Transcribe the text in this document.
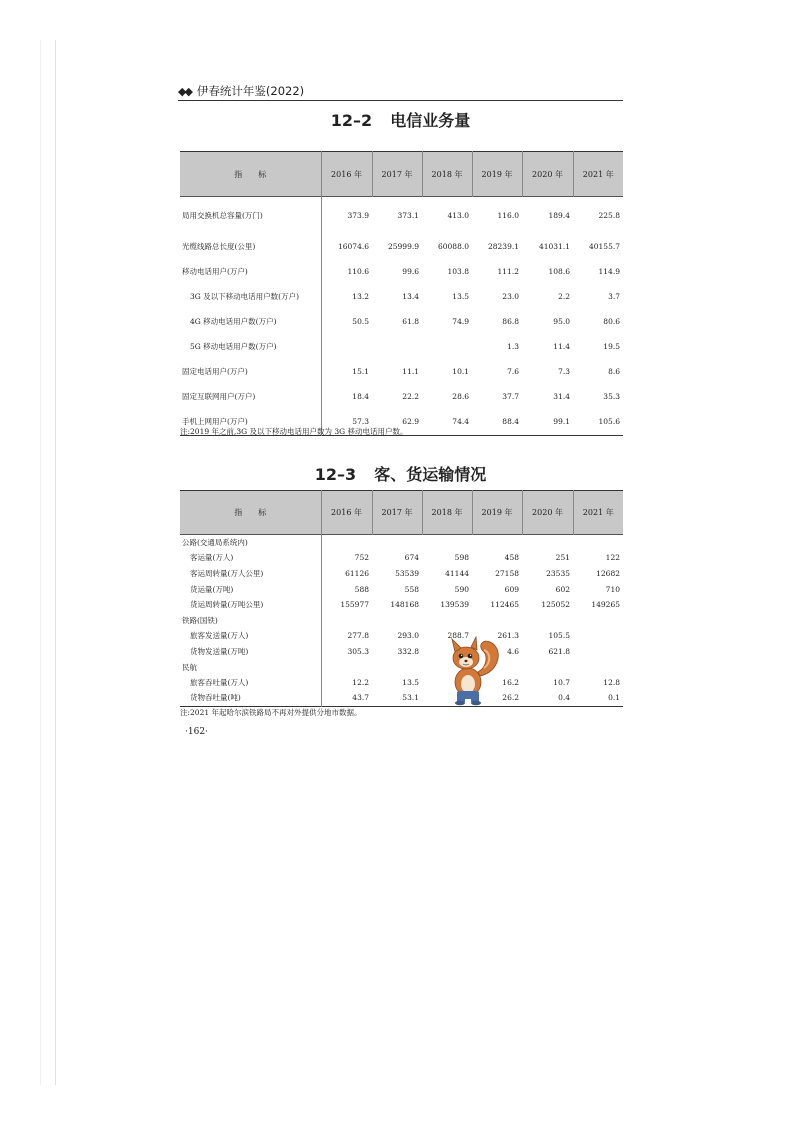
◆◆ 伊春统计年鉴(2022)
12–2 电信业务量
指　　标	2016 年	2017 年	2018 年	2019 年	2020 年	2021 年
局用交换机总容量(万门)	373.9	373.1	413.0	116.0	189.4	225.8
光缆线路总长度(公里)	16074.6	25999.9	60088.0	28239.1	41031.1	40155.7
移动电话用户(万户)	110.6	99.6	103.8	111.2	108.6	114.9
3G 及以下移动电话用户数(万户)	13.2	13.4	13.5	23.0	2.2	3.7
4G 移动电话用户数(万户)	50.5	61.8	74.9	86.8	95.0	80.6
5G 移动电话用户数(万户)				1.3	11.4	19.5
固定电话用户(万户)	15.1	11.1	10.1	7.6	7.3	8.6
固定互联网用户(万户)	18.4	22.2	28.6	37.7	31.4	35.3
手机上网用户(万户)	57.3	62.9	74.4	88.4	99.1	105.6
注:2019 年之前,3G 及以下移动电话用户数为 3G 移动电话用户数。
12–3 客、货运输情况
指　　标	2016 年	2017 年	2018 年	2019 年	2020 年	2021 年
公路(交通局系统内)						
客运量(万人)	752	674	598	458	251	122
客运周转量(万人公里)	61126	53539	41144	27158	23535	12682
货运量(万吨)	588	558	590	609	602	710
货运周转量(万吨公里)	155977	148168	139539	112465	125052	149265
铁路(国铁)						
旅客发送量(万人)	277.8	293.0	288.7	261.3	105.5	
货物发送量(万吨)	305.3	332.8		4.6	621.8	
民航						
旅客吞吐量(万人)	12.2	13.5		16.2	10.7	12.8
货物吞吐量(吨)	43.7	53.1		26.2	0.4	0.1
注:2021 年起哈尔滨铁路局不再对外提供分地市数据。
·162·
